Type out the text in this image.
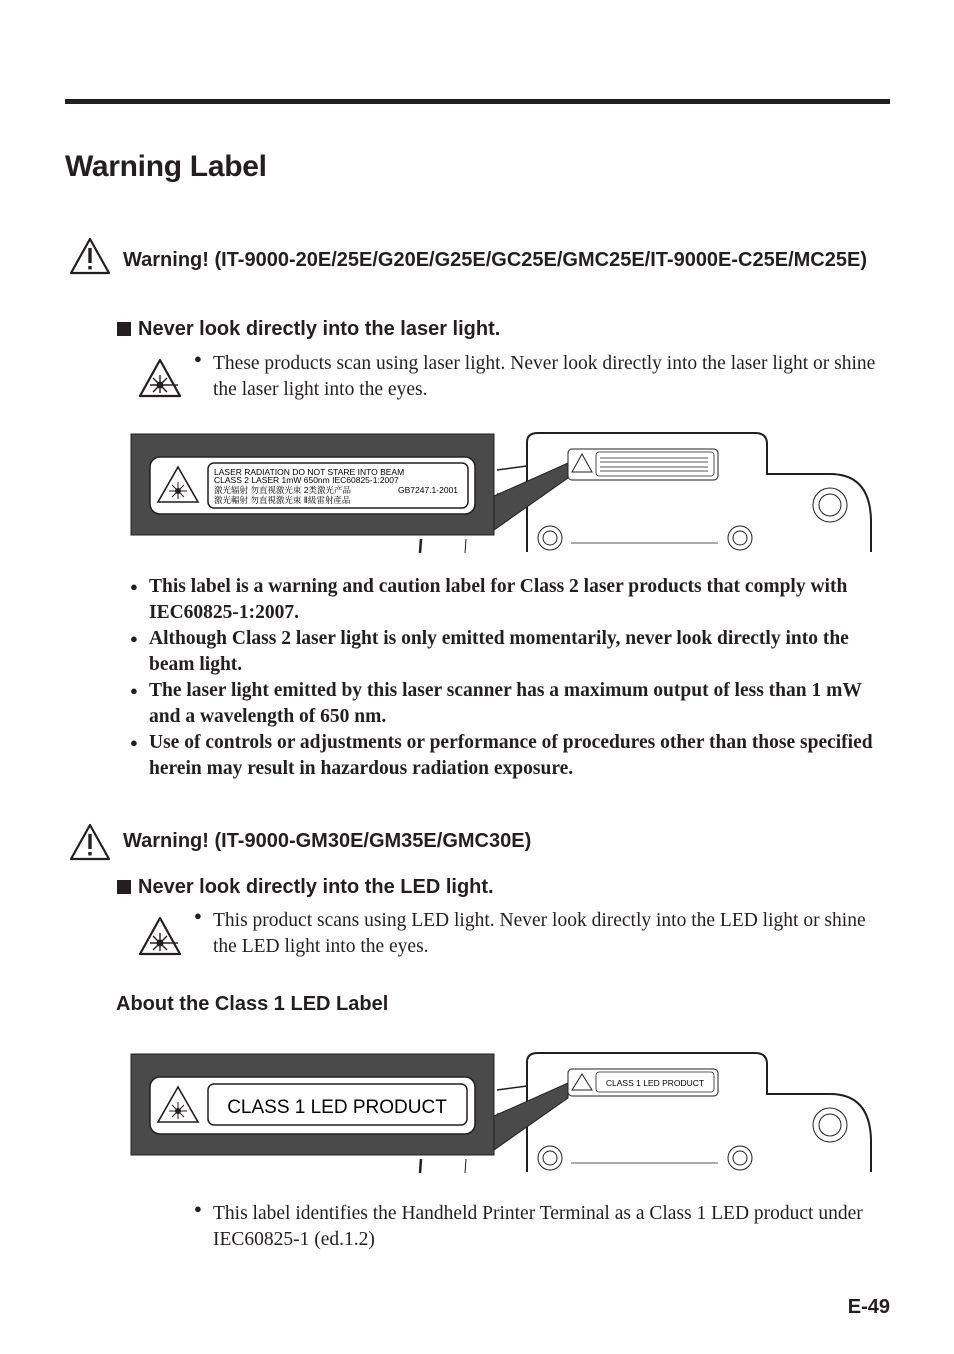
Warning Label
Warning! (IT-9000-20E/25E/G20E/G25E/GC25E/GMC25E/IT-9000E-C25E/MC25E)
Never look directly into the laser light.
● These products scan using laser light. Never look directly into the laser light or shine the laser light into the eyes.

LASER RADIATION DO NOT STARE INTO BEAM
CLASS 2 LASER 1mW 650nm IEC60825-1:2007
激光辐射 勿直视激光束 2类激光产品	GB7247.1-2001
激光輻射 勿直視激光束 Ⅱ級雷射產品
● This label is a warning and caution label for Class 2 laser products that comply with IEC60825-1:2007.
● Although Class 2 laser light is only emitted momentarily, never look directly into the beam light.
● The laser light emitted by this laser scanner has a maximum output of less than 1 mW and a wavelength of 650 nm.
● Use of controls or adjustments or performance of procedures other than those specified herein may result in hazardous radiation exposure.
Warning! (IT-9000-GM30E/GM35E/GMC30E)
Never look directly into the LED light.
● This product scans using LED light. Never look directly into the LED light or shine the LED light into the eyes.

About the Class 1 LED Label
CLASS 1 LED PRODUCT
CLASS 1 LED PRODUCT
● This label identifies the Handheld Printer Terminal as a Class 1 LED product under IEC60825-1 (ed.1.2)

E-49
